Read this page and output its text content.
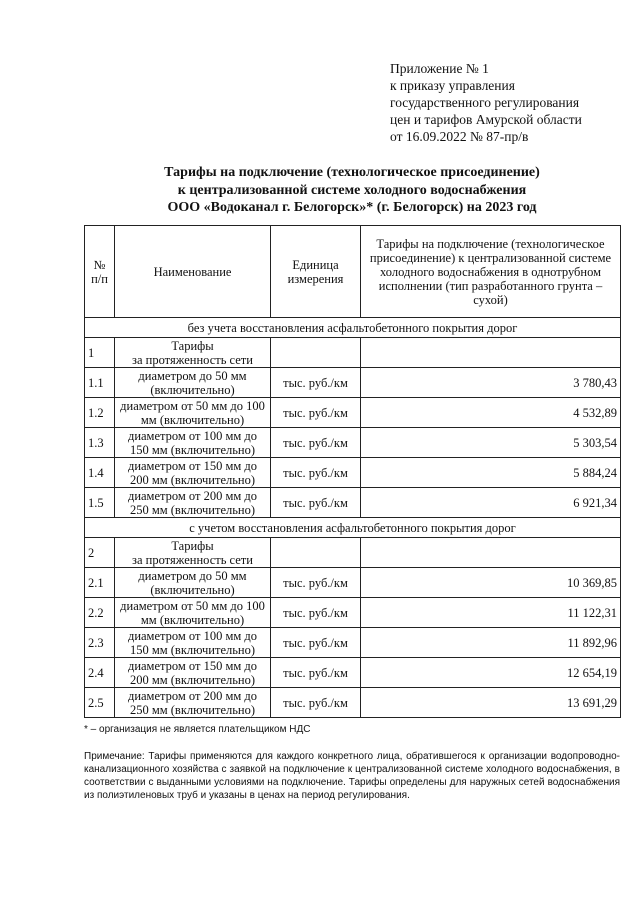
Приложение № 1
к приказу управления
государственного регулирования
цен и тарифов Амурской области
от 16.09.2022 № 87-пр/в
Тарифы на подключение (технологическое присоединение)
к централизованной системе холодного водоснабжения
ООО «Водоканал г. Белогорск»* (г. Белогорск) на 2023 год
№ п/п	Наименование	Единица измерения	Тарифы на подключение (технологическое присоединение) к централизованной системе холодного водоснабжения в однотрубном исполнении (тип разработанного грунта – сухой)
без учета восстановления асфальтобетонного покрытия дорог			
1	Тарифы
за протяженность сети		
1.1	диаметром до 50 мм (включительно)	тыс. руб./км	3 780,43
1.2	диаметром от 50 мм до 100 мм (включительно)	тыс. руб./км	4 532,89
1.3	диаметром от 100 мм до 150 мм (включительно)	тыс. руб./км	5 303,54
1.4	диаметром от 150 мм до 200 мм (включительно)	тыс. руб./км	5 884,24
1.5	диаметром от 200 мм до 250 мм (включительно)	тыс. руб./км	6 921,34
с учетом восстановления асфальтобетонного покрытия дорог			
2	Тарифы
за протяженность сети		
2.1	диаметром до 50 мм (включительно)	тыс. руб./км	10 369,85
2.2	диаметром от 50 мм до 100 мм (включительно)	тыс. руб./км	11 122,31
2.3	диаметром от 100 мм до 150 мм (включительно)	тыс. руб./км	11 892,96
2.4	диаметром от 150 мм до 200 мм (включительно)	тыс. руб./км	12 654,19
2.5	диаметром от 200 мм до 250 мм (включительно)	тыс. руб./км	13 691,29
* – организация не является плательщиком НДС
Примечание: Тарифы применяются для каждого конкретного лица, обратившегося к организации водопроводно-канализационного хозяйства с заявкой на подключение к централизованной системе холодного водоснабжения, в соответствии с выданными условиями на подключение. Тарифы определены для наружных сетей водоснабжения из полиэтиленовых труб и указаны в ценах на период регулирования.
